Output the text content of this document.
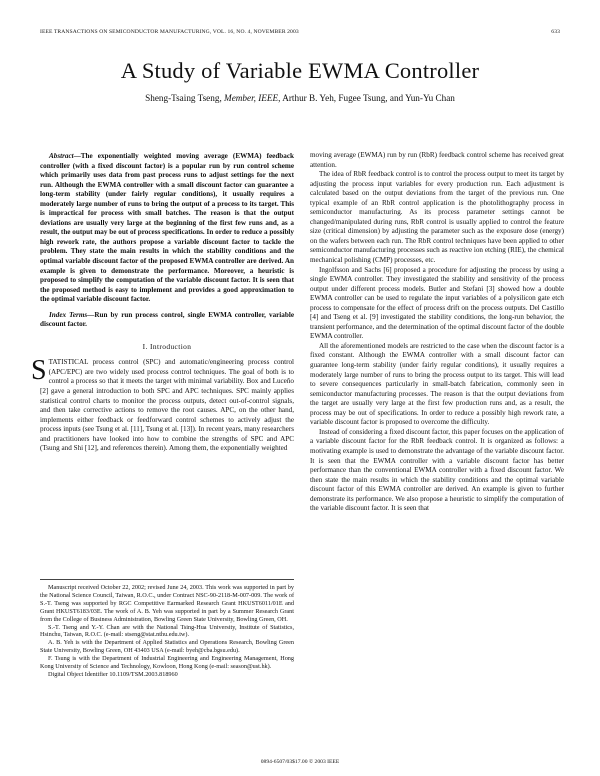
IEEE TRANSACTIONS ON SEMICONDUCTOR MANUFACTURING, VOL. 16, NO. 4, NOVEMBER 2003	633
A Study of Variable EWMA Controller
Sheng-Tsaing Tseng, Member, IEEE, Arthur B. Yeh, Fugee Tsung, and Yun-Yu Chan

Abstract—The exponentially weighted moving average (EWMA) feedback controller (with a fixed discount factor) is a popular run by run control scheme which primarily uses data from past process runs to adjust settings for the next run. Although the EWMA controller with a small discount factor can guarantee a long-term stability (under fairly regular conditions), it usually requires a moderately large number of runs to bring the output of a process to its target. This is impractical for process with small batches. The reason is that the output deviations are usually very large at the beginning of the first few runs and, as a result, the output may be out of process specifications. In order to reduce a possibly high rework rate, the authors propose a variable discount factor to tackle the problem. They state the main results in which the stability conditions and the optimal variable discount factor of the proposed EWMA controller are derived. An example is given to demonstrate the performance. Moreover, a heuristic is proposed to simplify the computation of the variable discount factor. It is seen that the proposed method is easy to implement and provides a good approximation to the optimal variable discount factor.

Index Terms—Run by run process control, single EWMA controller, variable discount factor.

I. Introduction

STATISTICAL process control (SPC) and automatic/engineering process control (APC/EPC) are two widely used process control techniques. The goal of both is to control a process so that it meets the target with minimal variability. Box and Luceño [2] gave a general introduction to both SPC and APC techniques. SPC mainly applies statistical control charts to monitor the process outputs, detect out-of-control signals, and then take corrective actions to remove the root causes. APC, on the other hand, implements either feedback or feedforward control schemes to actively adjust the process inputs (see Tsung et al. [11], Tsung et al. [13]). In recent years, many researchers and practitioners have looked into how to combine the strengths of SPC and APC (Tsung and Shi [12], and references therein). Among them, the exponentially weighted

Manuscript received October 22, 2002; revised June 24, 2003. This work was supported in part by the National Science Council, Taiwan, R.O.C., under Contract NSC-90-2118-M-007-009. The work of S.-T. Tseng was supported by RGC Competitive Earmarked Research Grant HKUST6011/01E and Grant HKUST6183/03E. The work of A. B. Yeh was supported in part by a Summer Research Grant from the College of Business Administration, Bowling Green State University, Bowling Green, OH.

S.-T. Tseng and Y.-Y. Chan are with the National Tsing-Hua University, Institute of Statistics, Hsinchu, Taiwan, R.O.C. (e-mail: stseng@stat.nthu.edu.tw).

A. B. Yeh is with the Department of Applied Statistics and Operations Research, Bowling Green State University, Bowling Green, OH 43403 USA (e-mail: byeh@cba.bgsu.edu).

F. Tsung is with the Department of Industrial Engineering and Engineering Management, Hong Kong University of Science and Technology, Kowloon, Hong Kong (e-mail: season@ust.hk).

Digital Object Identifier 10.1109/TSM.2003.818960

moving average (EWMA) run by run (RbR) feedback control scheme has received great attention.

The idea of RbR feedback control is to control the process output to meet its target by adjusting the process input variables for every production run. Each adjustment is calculated based on the output deviations from the target of the previous run. One typical example of an RbR control application is the photolithography process in semiconductor manufacturing. As its process parameter settings cannot be changed/manipulated during runs, RbR control is usually applied to control the feature size (critical dimension) by adjusting the parameter such as the exposure dose (energy) on the wafers between each run. The RbR control techniques have been applied to other semiconductor manufacturing processes such as reactive ion etching (RIE), the chemical mechanical polishing (CMP) processes, etc.

Ingolfsson and Sachs [6] proposed a procedure for adjusting the process by using a single EWMA controller. They investigated the stability and sensitivity of the process output under different process models. Butler and Stefani [3] showed how a double EWMA controller can be used to regulate the input variables of a polysilicon gate etch process to compensate for the effect of process drift on the process outputs. Del Castillo [4] and Tseng et al. [9] investigated the stability conditions, the long-run behavior, the transient performance, and the determination of the optimal discount factor of the double EWMA controller.

All the aforementioned models are restricted to the case when the discount factor is a fixed constant. Although the EWMA controller with a small discount factor can guarantee long-term stability (under fairly regular conditions), it usually requires a moderately large number of runs to bring the process output to its target. This will lead to severe consequences particularly in small-batch fabrication, commonly seen in semiconductor manufacturing processes. The reason is that the output deviations from the target are usually very large at the first few production runs and, as a result, the process may be out of specifications. In order to reduce a possibly high rework rate, a variable discount factor is proposed to overcome the difficulty.

Instead of considering a fixed discount factor, this paper focuses on the application of a variable discount factor for the RbR feedback control. It is organized as follows: a motivating example is used to demonstrate the advantage of the variable discount factor. It is seen that the EWMA controller with a variable discount factor has better performance than the conventional EWMA controller with a fixed discount factor. We then state the main results in which the stability conditions and the optimal variable discount factor of this EWMA controller are derived. An example is given to further demonstrate its performance. We also propose a heuristic to simplify the computation of the variable discount factor. It is seen that

0894-6507/03$17.00 © 2003 IEEE
